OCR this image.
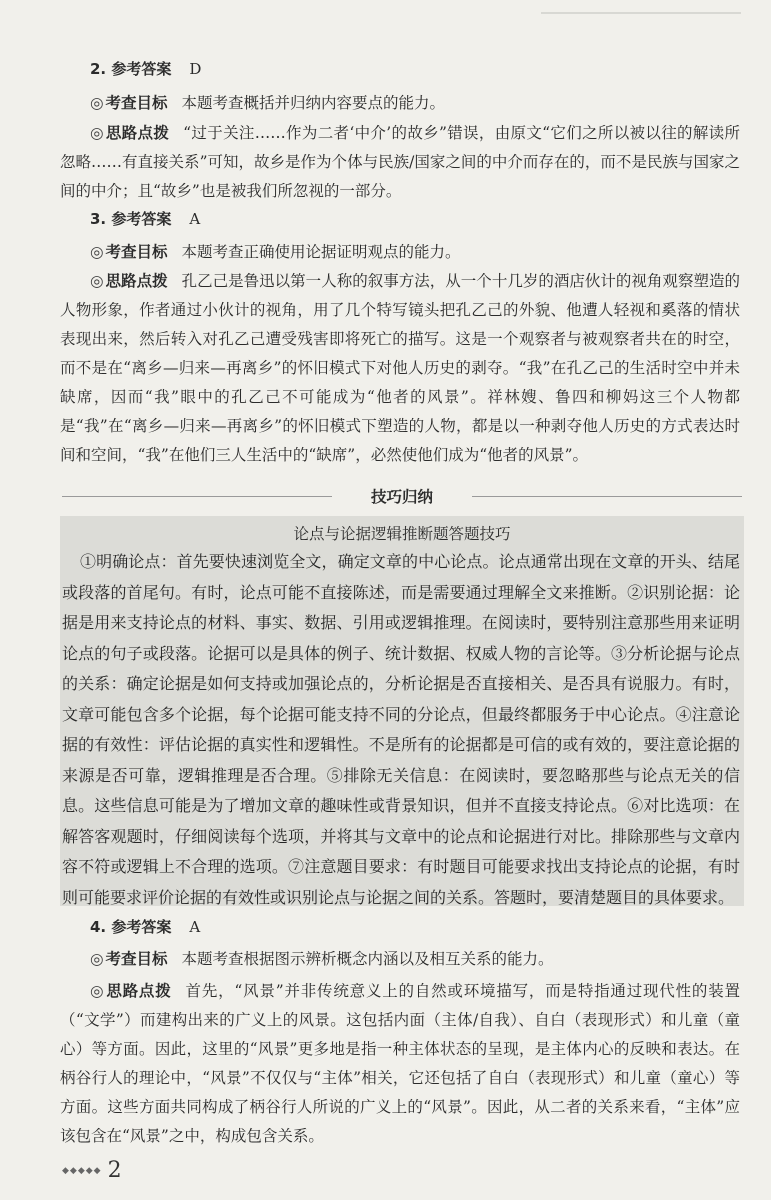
2. 参考答案 D

◎ 考查目标 本题考查概括并归纳内容要点的能力。

◎ 思路点拨 “过于关注……作为二者‘中介’的故乡”错误，由原文“它们之所以被以往的解读所忽略……有直接关系”可知，故乡是作为个体与民族/国家之间的中介而存在的，而不是民族与国家之间的中介；且“故乡”也是被我们所忽视的一部分。

3. 参考答案 A

◎ 考查目标 本题考查正确使用论据证明观点的能力。

◎ 思路点拨 孔乙己是鲁迅以第一人称的叙事方法，从一个十几岁的酒店伙计的视角观察塑造的人物形象，作者通过小伙计的视角，用了几个特写镜头把孔乙己的外貌、他遭人轻视和奚落的情状表现出来，然后转入对孔乙己遭受残害即将死亡的描写。这是一个观察者与被观察者共在的时空，而不是在“离乡—归来—再离乡”的怀旧模式下对他人历史的剥夺。“我”在孔乙己的生活时空中并未缺席，因而“我”眼中的孔乙己不可能成为“他者的风景”。祥林嫂、鲁四和柳妈这三个人物都是“我”在“离乡—归来—再离乡”的怀旧模式下塑造的人物，都是以一种剥夺他人历史的方式表达时间和空间，“我”在他们三人生活中的“缺席”，必然使他们成为“他者的风景”。

技巧归纳
论点与论据逻辑推断题答题技巧

①明确论点：首先要快速浏览全文，确定文章的中心论点。论点通常出现在文章的开头、结尾或段落的首尾句。有时，论点可能不直接陈述，而是需要通过理解全文来推断。②识别论据：论据是用来支持论点的材料、事实、数据、引用或逻辑推理。在阅读时，要特别注意那些用来证明论点的句子或段落。论据可以是具体的例子、统计数据、权威人物的言论等。③分析论据与论点的关系：确定论据是如何支持或加强论点的，分析论据是否直接相关、是否具有说服力。有时，文章可能包含多个论据，每个论据可能支持不同的分论点，但最终都服务于中心论点。④注意论据的有效性：评估论据的真实性和逻辑性。不是所有的论据都是可信的或有效的，要注意论据的来源是否可靠，逻辑推理是否合理。⑤排除无关信息：在阅读时，要忽略那些与论点无关的信息。这些信息可能是为了增加文章的趣味性或背景知识，但并不直接支持论点。⑥对比选项：在解答客观题时，仔细阅读每个选项，并将其与文章中的论点和论据进行对比。排除那些与文章内容不符或逻辑上不合理的选项。⑦注意题目要求：有时题目可能要求找出支持论点的论据，有时则可能要求评价论据的有效性或识别论点与论据之间的关系。答题时，要清楚题目的具体要求。

4. 参考答案 A

◎ 考查目标 本题考查根据图示辨析概念内涵以及相互关系的能力。

◎ 思路点拨 首先，“风景”并非传统意义上的自然或环境描写，而是特指通过现代性的装置（“文学”）而建构出来的广义上的风景。这包括内面（主体/自我）、自白（表现形式）和儿童（童心）等方面。因此，这里的“风景”更多地是指一种主体状态的呈现，是主体内心的反映和表达。在柄谷行人的理论中，“风景”不仅仅与“主体”相关，它还包括了自白（表现形式）和儿童（童心）等方面。这些方面共同构成了柄谷行人所说的广义上的“风景”。因此，从二者的关系来看，“主体”应该包含在“风景”之中，构成包含关系。

◆◆◆◆◆ 2
